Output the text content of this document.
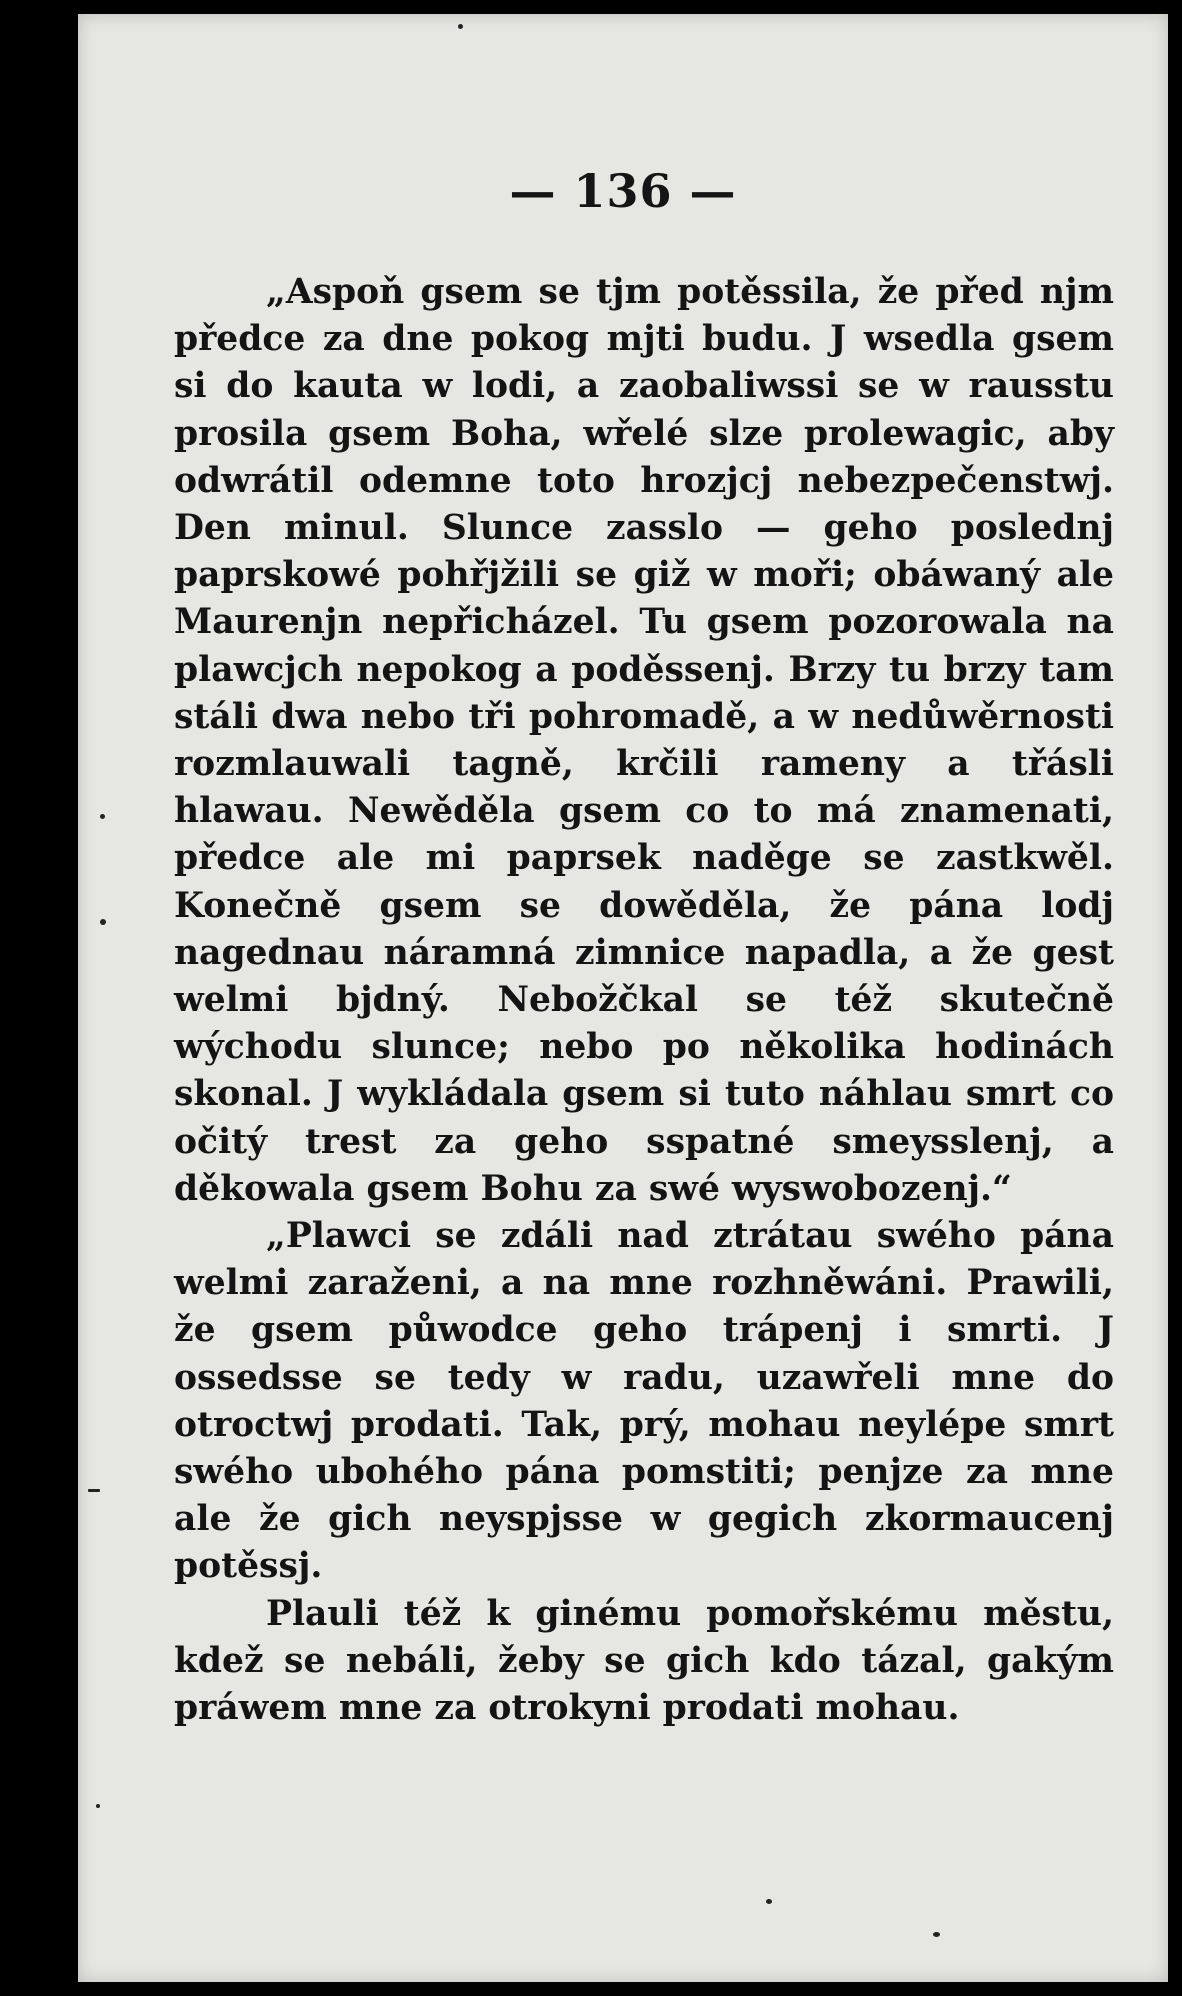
— 136 —

„Aspoň gsem se tjm potěssila, že před njm předce za dne pokog mjti budu. J wsedla gsem si do kauta w lodi, a zaobaliwssi se w rausstu prosila gsem Boha, wřelé slze prolewagic, aby odwrátil odemne toto hrozjcj nebezpečenstwj. Den minul. Slunce zasslo — geho poslednj paprskowé pohřjžili se giž w moři; obáwaný ale Maurenjn nepřicházel. Tu gsem pozorowala na plawcjch nepokog a poděssenj. Brzy tu brzy tam stáli dwa nebo tři pohromadě, a w nedůwěrnosti rozmlauwali tagně, krčili rameny a třásli hlawau. Newěděla gsem co to má znamenati, předce ale mi paprsek naděge se zastkwěl. Konečně gsem se dowěděla, že pána lodj nagednau náramná zimnice napadla, a že gest welmi bjdný. Nebožčkal se též skutečně wýchodu slunce; nebo po několika hodinách skonal. J wykládala gsem si tuto náhlau smrt co očitý trest za geho sspatné smeysslenj, a děkowala gsem Bohu za swé wyswobozenj.“

„Plawci se zdáli nad ztrátau swého pána welmi zaraženi, a na mne rozhněwáni. Prawili, že gsem půwodce geho trápenj i smrti. J ossedsse se tedy w radu, uzawřeli mne do otroctwj prodati. Tak, prý, mohau neylépe smrt swého ubohého pána pomstiti; penjze za mne ale že gich neyspjsse w gegich zkormaucenj potěssj.

Plauli též k ginému pomořskému městu, kdež se nebáli, žeby se gich kdo tázal, gakým práwem mne za otrokyni prodati mohau.
